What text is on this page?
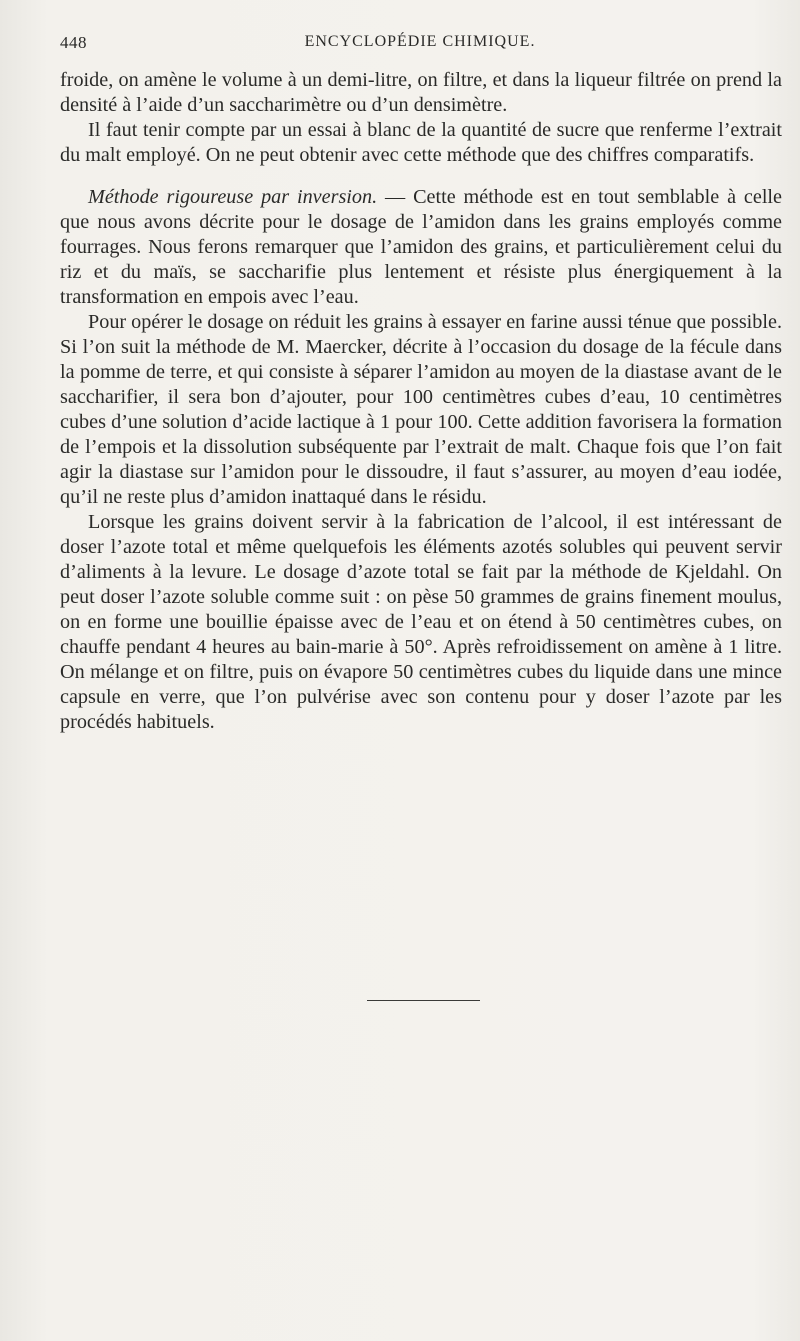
448	ENCYCLOPÉDIE CHIMIQUE.

froide, on amène le volume à un demi-litre, on filtre, et dans la liqueur filtrée on prend la densité à l’aide d’un saccharimètre ou d’un densimètre.

Il faut tenir compte par un essai à blanc de la quantité de sucre que renferme l’extrait du malt employé. On ne peut obtenir avec cette méthode que des chiffres comparatifs.

Méthode rigoureuse par inversion. — Cette méthode est en tout semblable à celle que nous avons décrite pour le dosage de l’amidon dans les grains employés comme fourrages. Nous ferons remarquer que l’amidon des grains, et particulièrement celui du riz et du maïs, se saccharifie plus lentement et résiste plus énergiquement à la transformation en empois avec l’eau.

Pour opérer le dosage on réduit les grains à essayer en farine aussi ténue que possible. Si l’on suit la méthode de M. Maercker, décrite à l’occasion du dosage de la fécule dans la pomme de terre, et qui consiste à séparer l’amidon au moyen de la diastase avant de le saccharifier, il sera bon d’ajouter, pour 100 centimètres cubes d’eau, 10 centimètres cubes d’une solution d’acide lactique à 1 pour 100. Cette addition favorisera la formation de l’empois et la dissolution subséquente par l’extrait de malt. Chaque fois que l’on fait agir la diastase sur l’amidon pour le dissoudre, il faut s’assurer, au moyen d’eau iodée, qu’il ne reste plus d’amidon inattaqué dans le résidu.

Lorsque les grains doivent servir à la fabrication de l’alcool, il est intéressant de doser l’azote total et même quelquefois les éléments azotés solubles qui peuvent servir d’aliments à la levure. Le dosage d’azote total se fait par la méthode de Kjeldahl. On peut doser l’azote soluble comme suit : on pèse 50 grammes de grains finement moulus, on en forme une bouillie épaisse avec de l’eau et on étend à 50 centimètres cubes, on chauffe pendant 4 heures au bain-marie à 50°. Après refroidissement on amène à 1 litre. On mélange et on filtre, puis on évapore 50 centimètres cubes du liquide dans une mince capsule en verre, que l’on pulvérise avec son contenu pour y doser l’azote par les procédés habituels.
